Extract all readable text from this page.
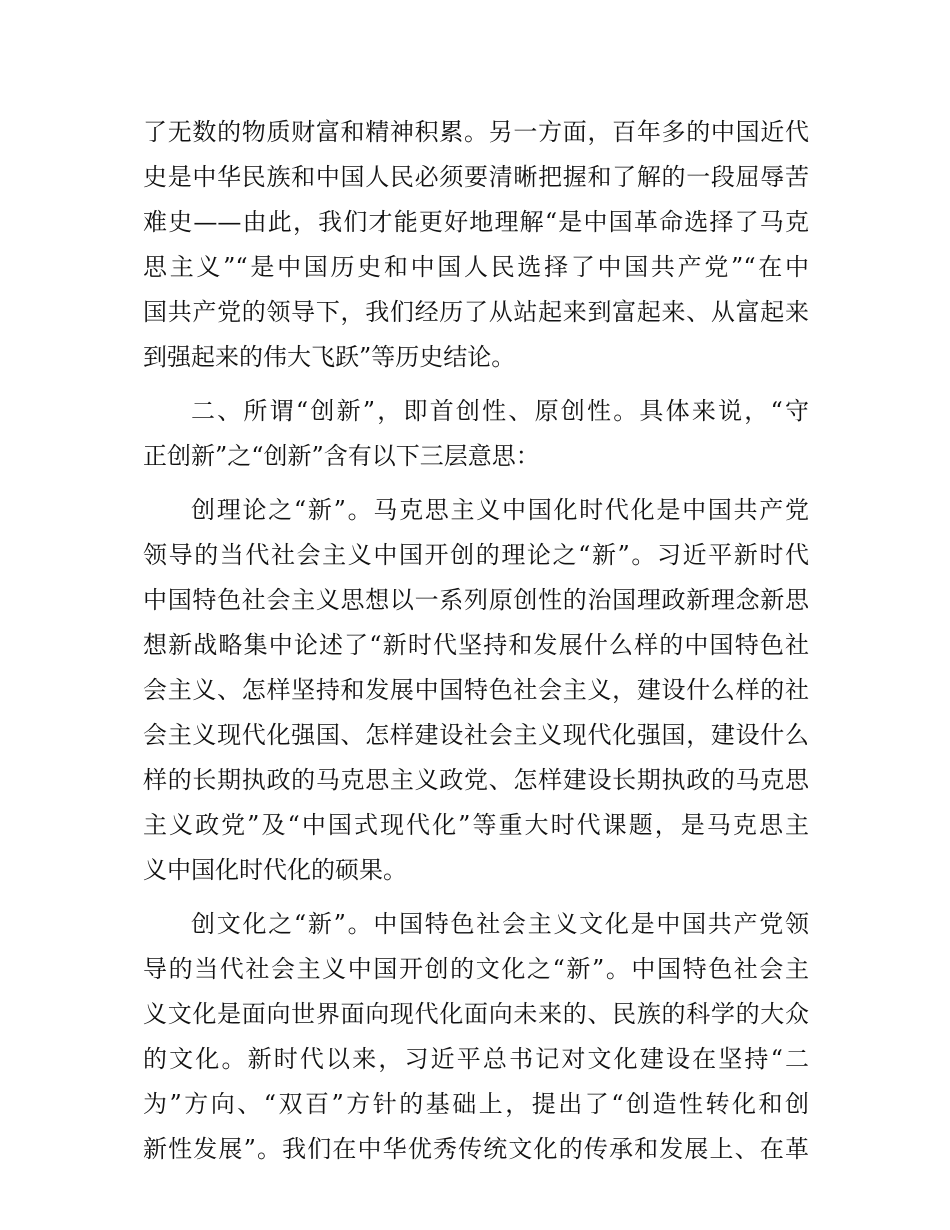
了无数的物质财富和精神积累。另一方面，百年多的中国近代
史是中华民族和中国人民必须要清晰把握和了解的一段屈辱苦
难史——由此，我们才能更好地理解“是中国革命选择了马克
思主义”“是中国历史和中国人民选择了中国共产党”“在中
国共产党的领导下，我们经历了从站起来到富起来、从富起来
到强起来的伟大飞跃”等历史结论。
二、所谓“创新”，即首创性、原创性。具体来说，“守
正创新”之“创新”含有以下三层意思：
创理论之“新”。马克思主义中国化时代化是中国共产党
领导的当代社会主义中国开创的理论之“新”。习近平新时代
中国特色社会主义思想以一系列原创性的治国理政新理念新思
想新战略集中论述了“新时代坚持和发展什么样的中国特色社
会主义、怎样坚持和发展中国特色社会主义，建设什么样的社
会主义现代化强国、怎样建设社会主义现代化强国，建设什么
样的长期执政的马克思主义政党、怎样建设长期执政的马克思
主义政党”及“中国式现代化”等重大时代课题，是马克思主
义中国化时代化的硕果。
创文化之“新”。中国特色社会主义文化是中国共产党领
导的当代社会主义中国开创的文化之“新”。中国特色社会主
义文化是面向世界面向现代化面向未来的、民族的科学的大众
的文化。新时代以来，习近平总书记对文化建设在坚持“二
为”方向、“双百”方针的基础上，提出了“创造性转化和创
新性发展”。我们在中华优秀传统文化的传承和发展上、在革
